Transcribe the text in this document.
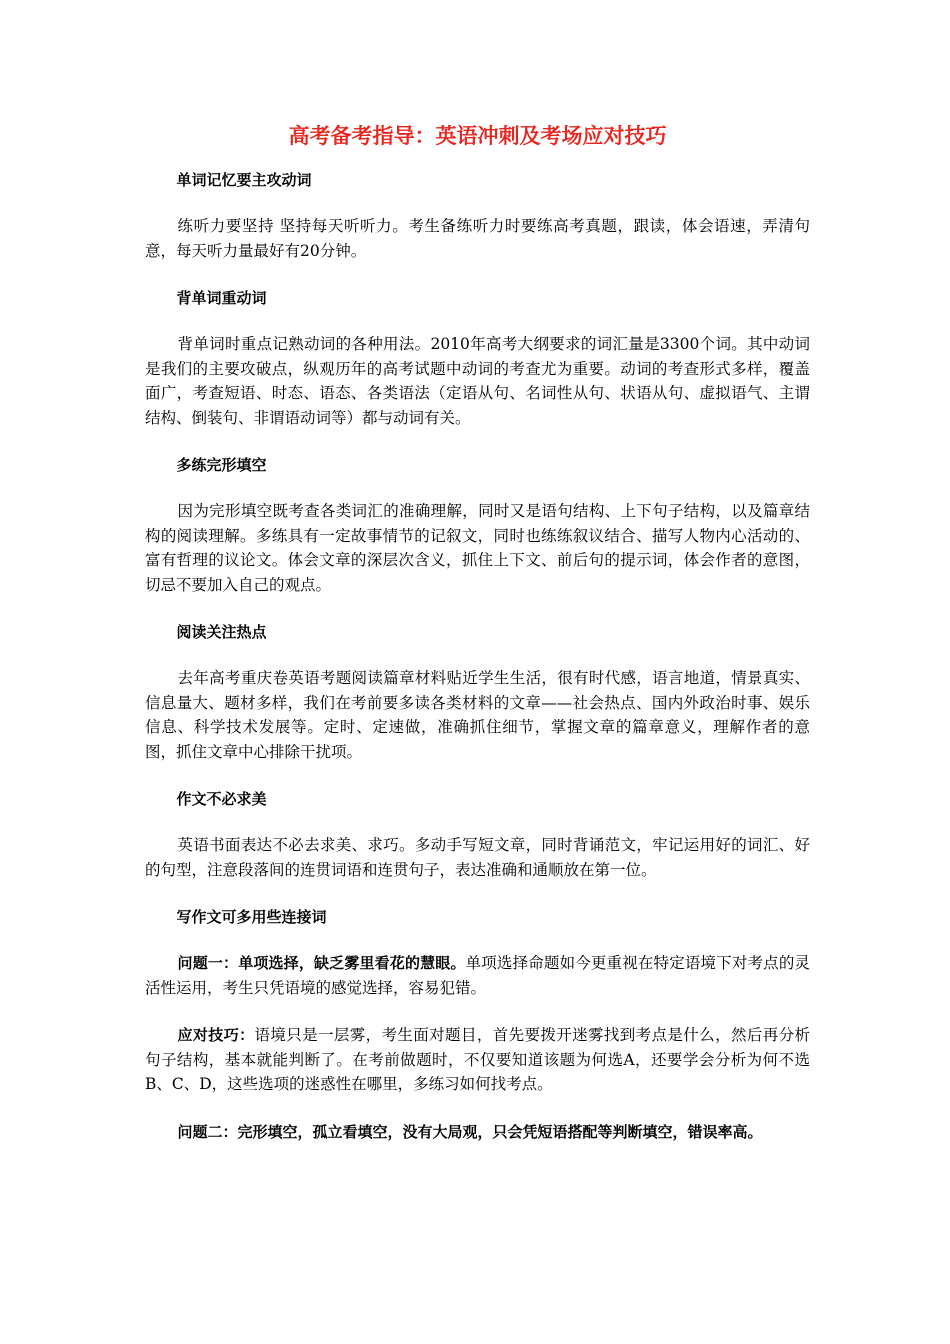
高考备考指导：英语冲刺及考场应对技巧
单词记忆要主攻动词

练听力要坚持 坚持每天听听力。考生备练听力时要练高考真题，跟读，体会语速，弄清句意，每天听力量最好有20分钟。

背单词重动词

背单词时重点记熟动词的各种用法。2010年高考大纲要求的词汇量是3300个词。其中动词是我们的主要攻破点，纵观历年的高考试题中动词的考查尤为重要。动词的考查形式多样，覆盖面广，考查短语、时态、语态、各类语法（定语从句、名词性从句、状语从句、虚拟语气、主谓结构、倒装句、非谓语动词等）都与动词有关。

多练完形填空

因为完形填空既考查各类词汇的准确理解，同时又是语句结构、上下句子结构，以及篇章结构的阅读理解。多练具有一定故事情节的记叙文，同时也练练叙议结合、描写人物内心活动的、富有哲理的议论文。体会文章的深层次含义，抓住上下文、前后句的提示词，体会作者的意图，切忌不要加入自己的观点。

阅读关注热点

去年高考重庆卷英语考题阅读篇章材料贴近学生生活，很有时代感，语言地道，情景真实、信息量大、题材多样，我们在考前要多读各类材料的文章——社会热点、国内外政治时事、娱乐信息、科学技术发展等。定时、定速做，准确抓住细节，掌握文章的篇章意义，理解作者的意图，抓住文章中心排除干扰项。

作文不必求美

英语书面表达不必去求美、求巧。多动手写短文章，同时背诵范文，牢记运用好的词汇、好的句型，注意段落间的连贯词语和连贯句子，表达准确和通顺放在第一位。

写作文可多用些连接词

问题一：单项选择，缺乏雾里看花的慧眼。单项选择命题如今更重视在特定语境下对考点的灵活性运用，考生只凭语境的感觉选择，容易犯错。

应对技巧：语境只是一层雾，考生面对题目，首先要拨开迷雾找到考点是什么，然后再分析句子结构，基本就能判断了。在考前做题时，不仅要知道该题为何选A，还要学会分析为何不选B、C、D，这些选项的迷惑性在哪里，多练习如何找考点。

问题二：完形填空，孤立看填空，没有大局观，只会凭短语搭配等判断填空，错误率高。
